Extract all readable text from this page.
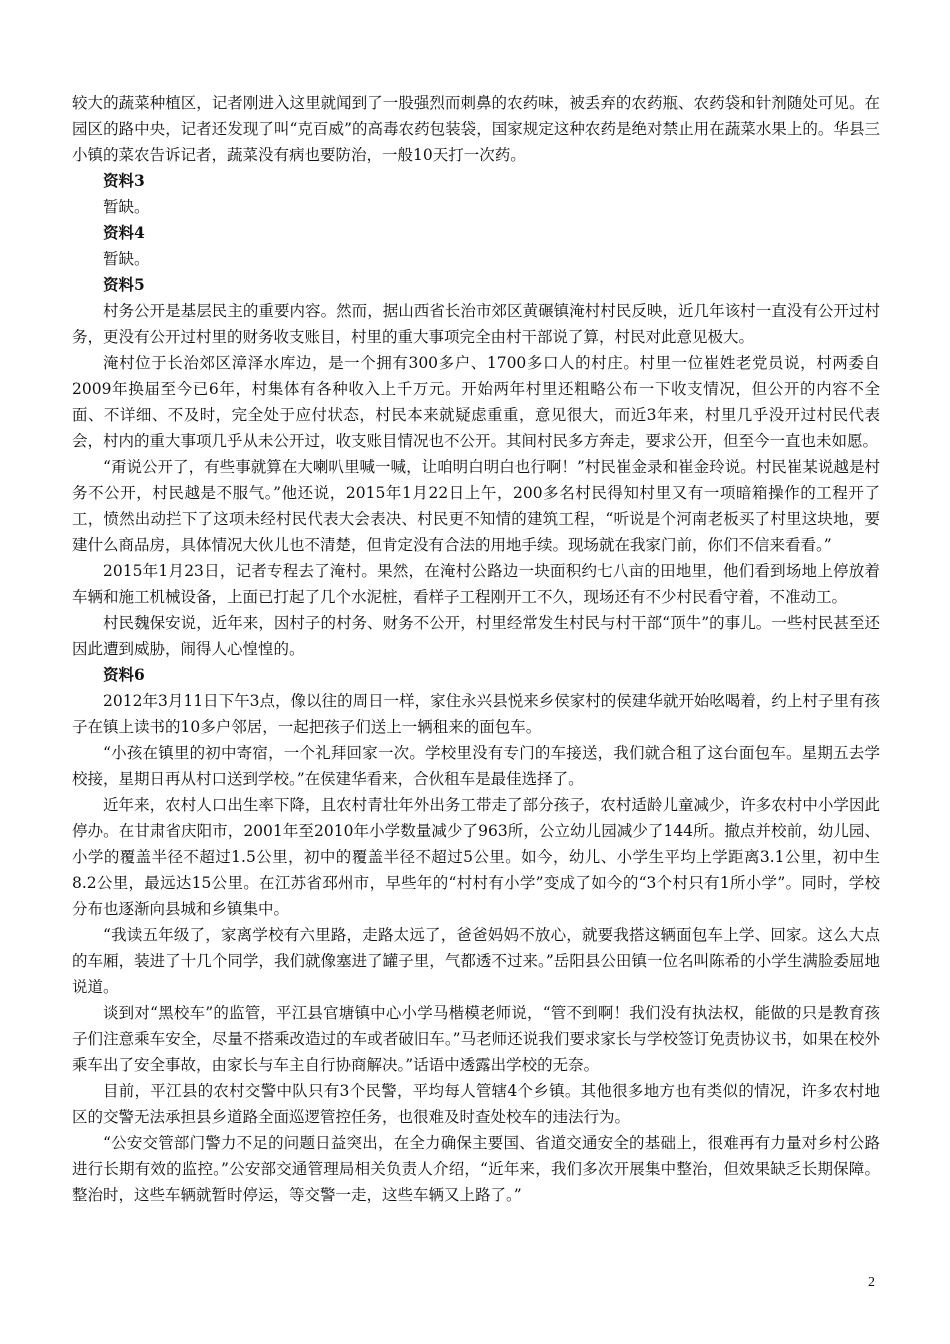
较大的蔬菜种植区，记者刚进入这里就闻到了一股强烈而刺鼻的农药味，被丢弃的农药瓶、农药袋和针剂随处可见。在园区的路中央，记者还发现了叫“克百威”的高毒农药包装袋，国家规定这种农药是绝对禁止用在蔬菜水果上的。华县三小镇的菜农告诉记者，蔬菜没有病也要防治，一般10天打一次药。

资料3

暂缺。

资料4

暂缺。

资料5

村务公开是基层民主的重要内容。然而，据山西省长治市郊区黄碾镇淹村村民反映，近几年该村一直没有公开过村务，更没有公开过村里的财务收支账目，村里的重大事项完全由村干部说了算，村民对此意见极大。

淹村位于长治郊区漳泽水库边，是一个拥有300多户、1700多口人的村庄。村里一位崔姓老党员说，村两委自2009年换届至今已6年，村集体有各种收入上千万元。开始两年村里还粗略公布一下收支情况，但公开的内容不全面、不详细、不及时，完全处于应付状态，村民本来就疑虑重重，意见很大，而近3年来，村里几乎没开过村民代表会，村内的重大事项几乎从未公开过，收支账目情况也不公开。其间村民多方奔走，要求公开，但至今一直也未如愿。

“甭说公开了，有些事就算在大喇叭里喊一喊，让咱明白明白也行啊！”村民崔金录和崔金玲说。村民崔某说越是村务不公开，村民越是不服气。”他还说，2015年1月22日上午，200多名村民得知村里又有一项暗箱操作的工程开了工，愤然出动拦下了这项未经村民代表大会表决、村民更不知情的建筑工程，“听说是个河南老板买了村里这块地，要建什么商品房，具体情况大伙儿也不清楚，但肯定没有合法的用地手续。现场就在我家门前，你们不信来看看。”

2015年1月23日，记者专程去了淹村。果然，在淹村公路边一块面积约七八亩的田地里，他们看到场地上停放着车辆和施工机械设备，上面已打起了几个水泥桩，看样子工程刚开工不久，现场还有不少村民看守着，不准动工。

村民魏保安说，近年来，因村子的村务、财务不公开，村里经常发生村民与村干部“顶牛”的事儿。一些村民甚至还因此遭到威胁，闹得人心惶惶的。

资料6

2012年3月11日下午3点，像以往的周日一样，家住永兴县悦来乡侯家村的侯建华就开始吆喝着，约上村子里有孩子在镇上读书的10多户邻居，一起把孩子们送上一辆租来的面包车。

“小孩在镇里的初中寄宿，一个礼拜回家一次。学校里没有专门的车接送，我们就合租了这台面包车。星期五去学校接，星期日再从村口送到学校。”在侯建华看来，合伙租车是最佳选择了。

近年来，农村人口出生率下降，且农村青壮年外出务工带走了部分孩子，农村适龄儿童减少，许多农村中小学因此停办。在甘肃省庆阳市，2001年至2010年小学数量减少了963所，公立幼儿园减少了144所。撤点并校前，幼儿园、小学的覆盖半径不超过1.5公里，初中的覆盖半径不超过5公里。如今，幼儿、小学生平均上学距离3.1公里，初中生8.2公里，最远达15公里。在江苏省邳州市，早些年的“村村有小学”变成了如今的“3个村只有1所小学”。同时，学校分布也逐渐向县城和乡镇集中。

“我读五年级了，家离学校有六里路，走路太远了，爸爸妈妈不放心，就要我搭这辆面包车上学、回家。这么大点的车厢，装进了十几个同学，我们就像塞进了罐子里，气都透不过来。”岳阳县公田镇一位名叫陈希的小学生满脸委屈地说道。

谈到对“黑校车”的监管，平江县官塘镇中心小学马楷模老师说，“管不到啊！我们没有执法权，能做的只是教育孩子们注意乘车安全，尽量不搭乘改造过的车或者破旧车。”马老师还说我们要求家长与学校签订免责协议书，如果在校外乘车出了安全事故，由家长与车主自行协商解决。”话语中透露出学校的无奈。

目前，平江县的农村交警中队只有3个民警，平均每人管辖4个乡镇。其他很多地方也有类似的情况，许多农村地区的交警无法承担县乡道路全面巡逻管控任务，也很难及时查处校车的违法行为。

“公安交管部门警力不足的问题日益突出，在全力确保主要国、省道交通安全的基础上，很难再有力量对乡村公路进行长期有效的监控。”公安部交通管理局相关负责人介绍，“近年来，我们多次开展集中整治，但效果缺乏长期保障。整治时，这些车辆就暂时停运，等交警一走，这些车辆又上路了。”

2
